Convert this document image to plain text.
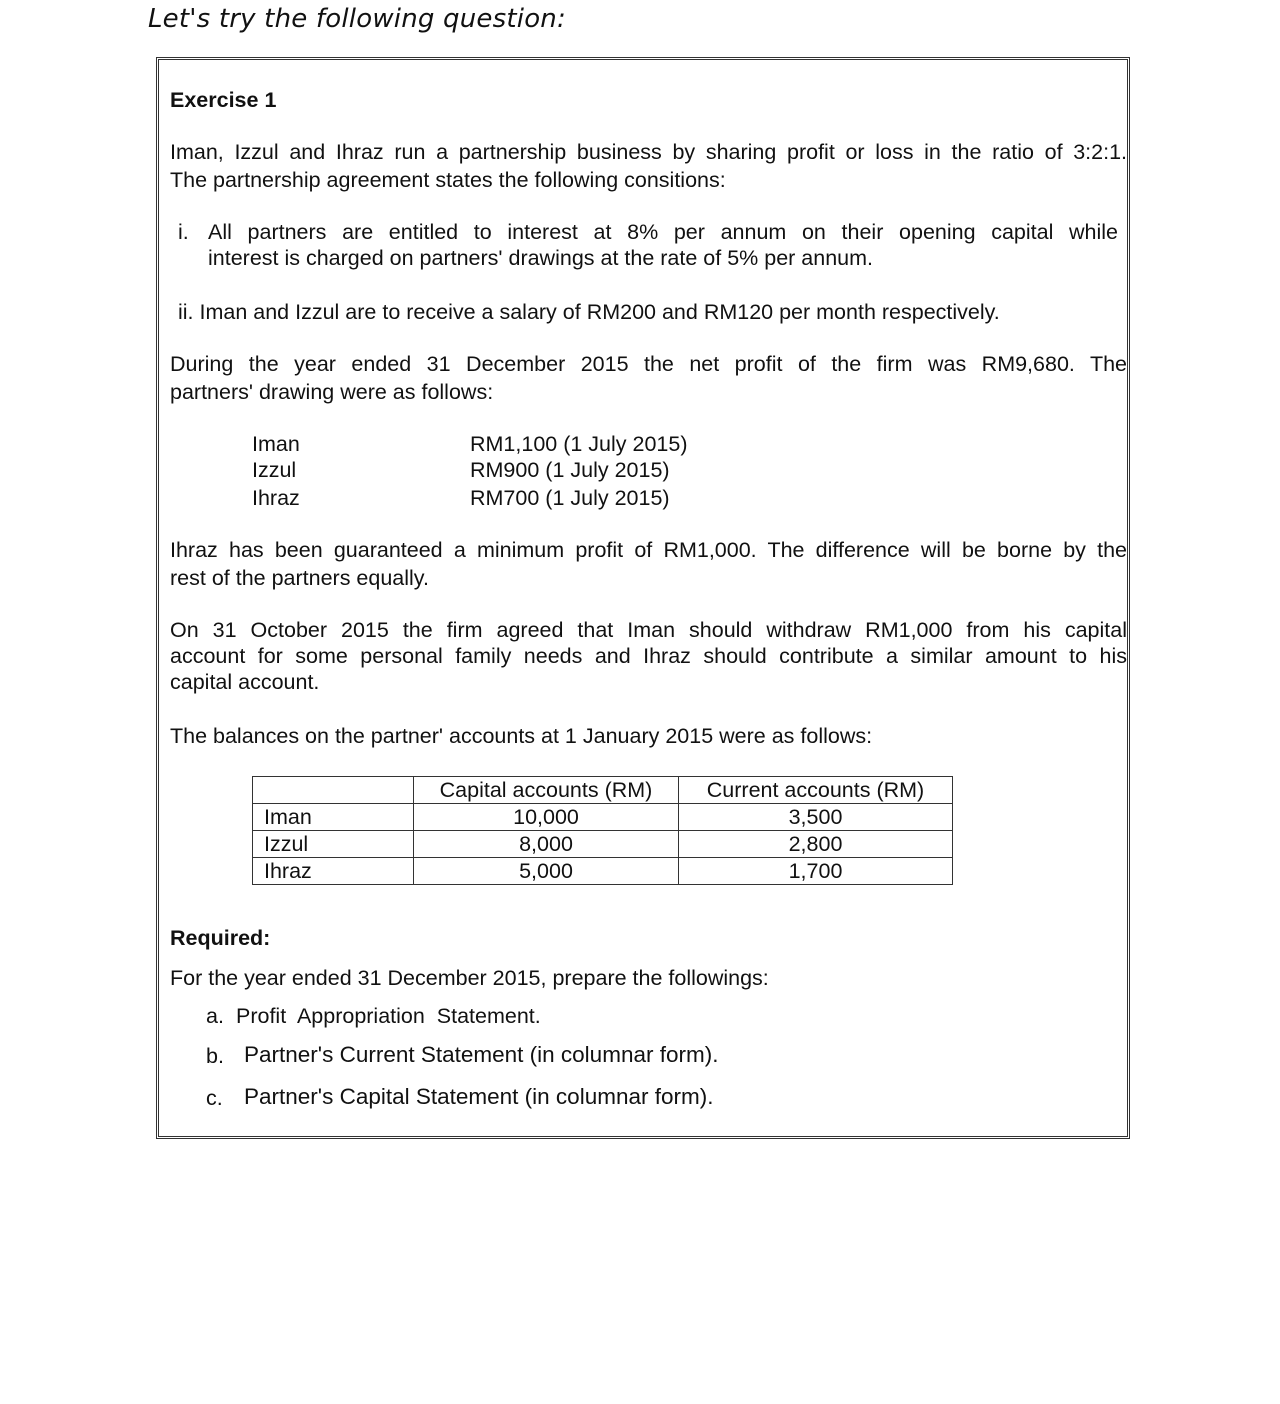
Let's try the following question:
Exercise 1
Iman, Izzul and Ihraz run a partnership business by sharing profit or loss in the ratio of 3:2:1.
The partnership agreement states the following consitions:
i. All partners are entitled to interest at 8% per annum on their opening capital while
interest is charged on partners' drawings at the rate of 5% per annum.
ii. Iman and Izzul are to receive a salary of RM200 and RM120 per month respectively.
During the year ended 31 December 2015 the net profit of the firm was RM9,680. The
partners' drawing were as follows:
Iman	RM1,100 (1 July 2015)
Izzul	RM900 (1 July 2015)
Ihraz	RM700 (1 July 2015)
Ihraz has been guaranteed a minimum profit of RM1,000. The difference will be borne by the
rest of the partners equally.
On 31 October 2015 the firm agreed that Iman should withdraw RM1,000 from his capital
account for some personal family needs and Ihraz should contribute a similar amount to his
capital account.
The balances on the partner' accounts at 1 January 2015 were as follows:
	Capital accounts (RM)	Current accounts (RM)
Iman	10,000	3,500
Izzul	8,000	2,800
Ihraz	5,000	1,700
Required:
For the year ended 31 December 2015, prepare the followings:
a. Profit  Appropriation  Statement.
b. Partner's Current Statement (in columnar form).
c. Partner's Capital Statement (in columnar form).
